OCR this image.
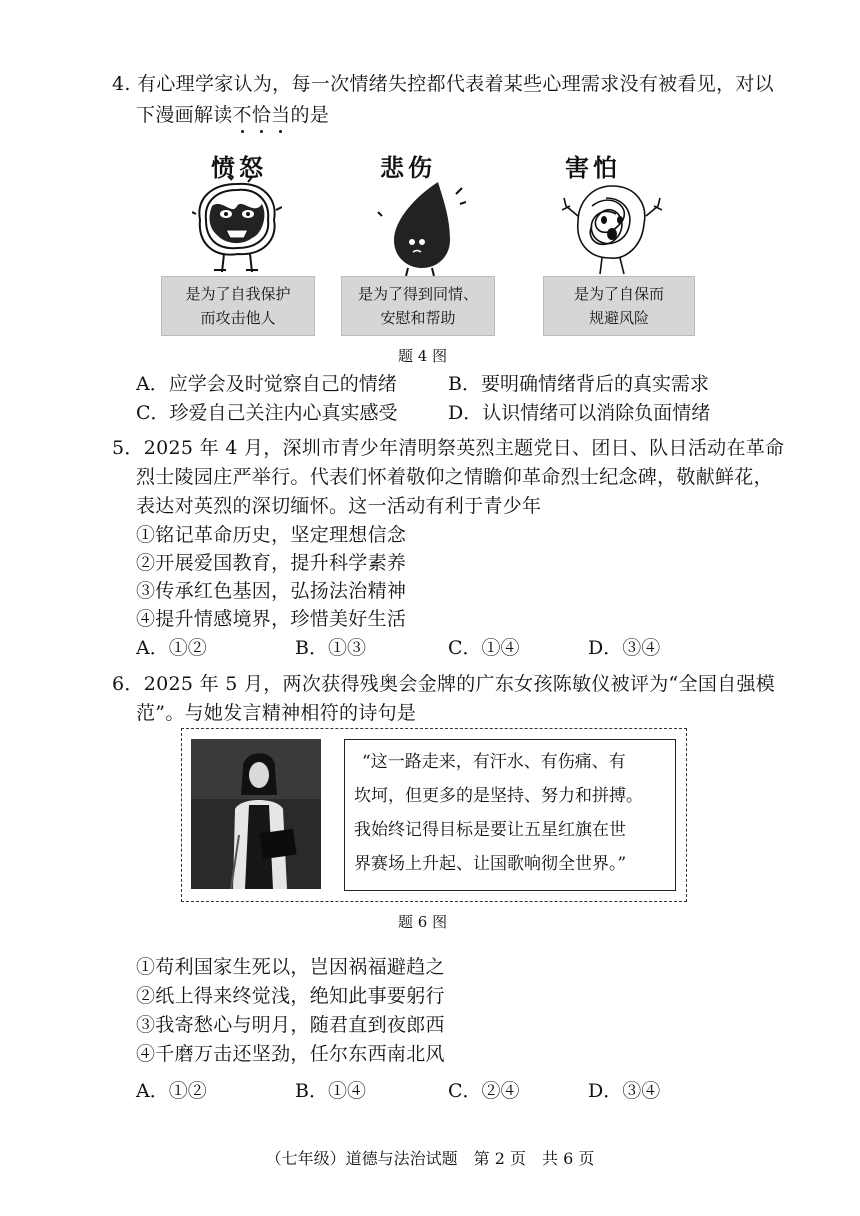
4. 有心理学家认为，每一次情绪失控都代表着某些心理需求没有被看见，对以
下漫画解读不
恰
当
的是
愤怒
是为了自我保护
而攻击他人
悲伤
是为了得到同情、
安慰和帮助
害怕
是为了自保而
规避风险
题 4 图
A．应学会及时觉察自己的情绪	B．要明确情绪背后的真实需求
C．珍爱自己关注内心真实感受	D．认识情绪可以消除负面情绪
5．2025 年 4 月，深圳市青少年清明祭英烈主题党日、团日、队日活动在革命
烈士陵园庄严举行。代表们怀着敬仰之情瞻仰革命烈士纪念碑，敬献鲜花，
表达对英烈的深切缅怀。这一活动有利于青少年
①铭记革命历史，坚定理想信念
②开展爱国教育，提升科学素养
③传承红色基因，弘扬法治精神
④提升情感境界，珍惜美好生活
A．①②	B．①③	C．①④	D．③④
6．2025 年 5 月，两次获得残奥会金牌的广东女孩陈敏仪被评为“全国自强模
范”。与她发言精神相符的诗句是
“这一路走来，有汗水、有伤痛、有
坎坷，但更多的是坚持、努力和拼搏。
我始终记得目标是要让五星红旗在世
界赛场上升起、让国歌响彻全世界。”
题 6 图
①苟利国家生死以，岂因祸福避趋之
②纸上得来终觉浅，绝知此事要躬行
③我寄愁心与明月，随君直到夜郎西
④千磨万击还坚劲，任尔东西南北风
A．①②	B．①④	C．②④	D．③④
（七年级）道德与法治试题　第 2 页　共 6 页
